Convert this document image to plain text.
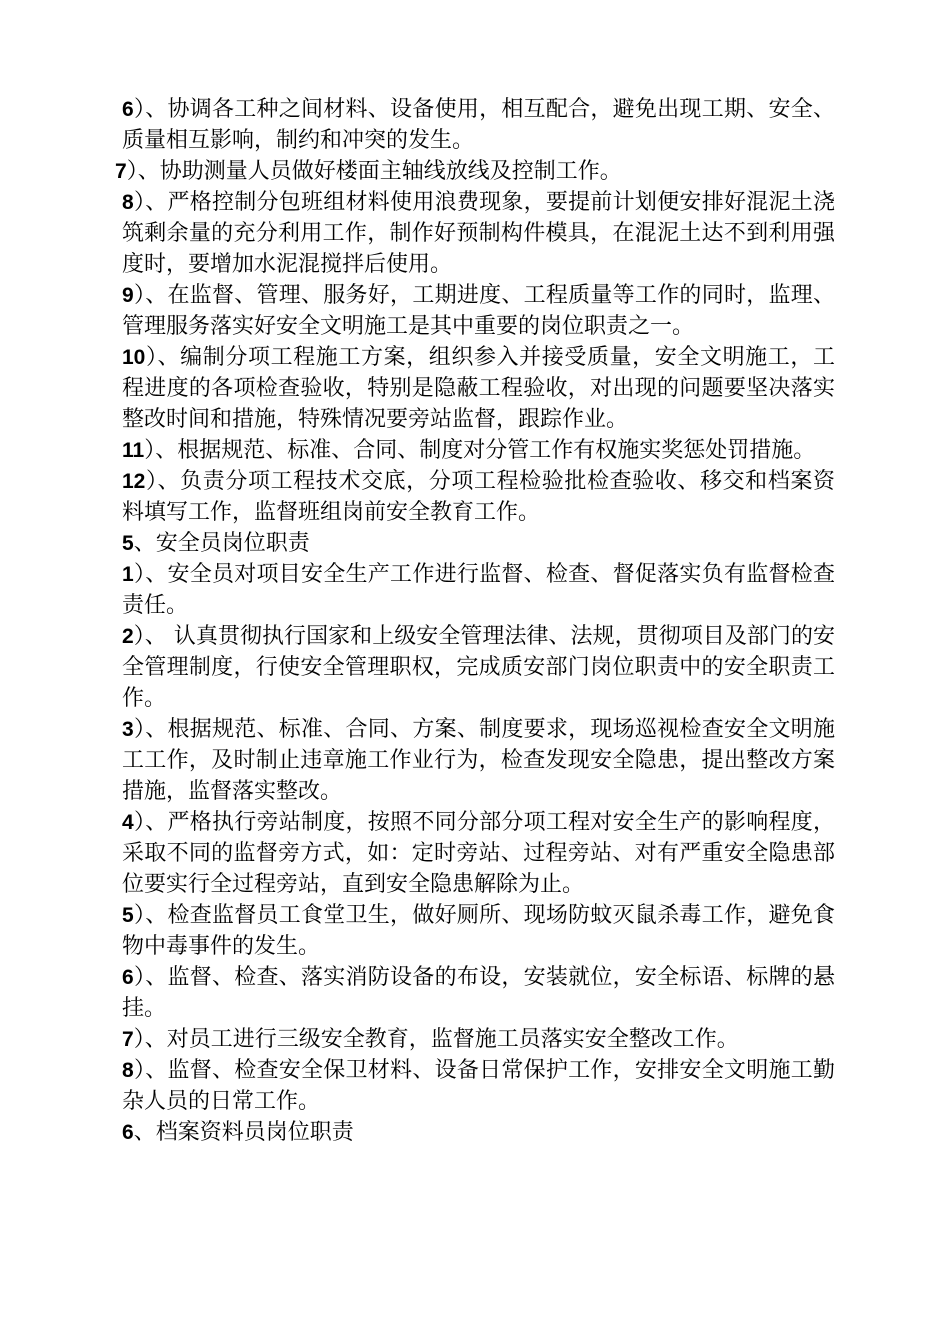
6）、协调各工种之间材料、设备使用，相互配合，避免出现工期、安全、质量相互影响，制约和冲突的发生。

7）、协助测量人员做好楼面主轴线放线及控制工作。

8）、严格控制分包班组材料使用浪费现象，要提前计划便安排好混泥土浇筑剩余量的充分利用工作，制作好预制构件模具，在混泥土达不到利用强度时，要增加水泥混搅拌后使用。

9）、在监督、管理、服务好，工期进度、工程质量等工作的同时，监理、管理服务落实好安全文明施工是其中重要的岗位职责之一。

10）、编制分项工程施工方案，组织参入并接受质量，安全文明施工，工程进度的各项检查验收，特别是隐蔽工程验收，对出现的问题要坚决落实整改时间和措施，特殊情况要旁站监督，跟踪作业。

11）、根据规范、标准、合同、制度对分管工作有权施实奖惩处罚措施。

12）、负责分项工程技术交底，分项工程检验批检查验收、移交和档案资料填写工作，监督班组岗前安全教育工作。

5、安全员岗位职责

1）、安全员对项目安全生产工作进行监督、检查、督促落实负有监督检查责任。

2）、 认真贯彻执行国家和上级安全管理法律、法规，贯彻项目及部门的安全管理制度，行使安全管理职权，完成质安部门岗位职责中的安全职责工作。

3）、根据规范、标准、合同、方案、制度要求，现场巡视检查安全文明施工工作，及时制止违章施工作业行为，检查发现安全隐患，提出整改方案措施，监督落实整改。

4）、严格执行旁站制度，按照不同分部分项工程对安全生产的影响程度，采取不同的监督旁方式，如：定时旁站、过程旁站、对有严重安全隐患部位要实行全过程旁站，直到安全隐患解除为止。

5）、检查监督员工食堂卫生，做好厕所、现场防蚊灭鼠杀毒工作，避免食物中毒事件的发生。

6）、监督、检查、落实消防设备的布设，安装就位，安全标语、标牌的悬挂。

7）、对员工进行三级安全教育，监督施工员落实安全整改工作。

8）、监督、检查安全保卫材料、设备日常保护工作，安排安全文明施工勤杂人员的日常工作。

6、档案资料员岗位职责
